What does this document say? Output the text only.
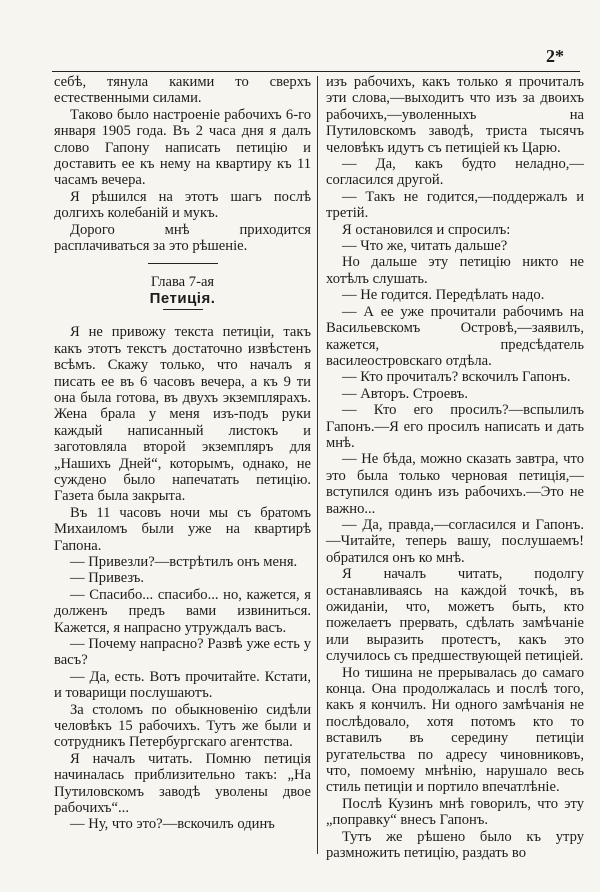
2*

себѣ, тянула какими то сверхъ естественными силами.

Таково было настроеніе рабочихъ 6-го января 1905 года. Въ 2 часа дня я далъ слово Гапону написать петицію и доставить ее къ нему на квартиру къ 11 часамъ вечера.

Я рѣшился на этотъ шагъ послѣ долгихъ колебаній и мукъ.

Дорого мнѣ приходится расплачиваться за это рѣшеніе.

Глава 7-ая

Петиція.

Я не привожу текста петиціи, такъ какъ этотъ текстъ достаточно извѣстенъ всѣмъ. Скажу только, что началъ я писать ее въ 6 часовъ вечера, а къ 9 ти она была готова, въ двухъ экземплярахъ. Жена брала у меня изъ-подъ руки каждый написанный листокъ и заготовляла второй экземпляръ для „Нашихъ Дней“, которымъ, однако, не суждено было напечатать петицію. Газета была закрыта.

Въ 11 часовъ ночи мы съ братомъ Михаиломъ были уже на квартирѣ Гапона.

— Привезли?—встрѣтилъ онъ меня.

— Привезъ.

— Спасибо... спасибо... но, кажется, я долженъ предъ вами извиниться. Кажется, я напрасно утруждалъ васъ.

— Почему напрасно? Развѣ уже есть у васъ?

— Да, есть. Вотъ прочитайте. Кстати, и товарищи послушаютъ.

За столомъ по обыкновенію сидѣли человѣкъ 15 рабочихъ. Тутъ же были и сотрудникъ Петербургскаго агентства.

Я началъ читать. Помню петиція начиналась приблизительно такъ: „На Путиловскомъ заводѣ уволены двое рабочихъ“...

— Ну, что это?—вскочилъ одинъ

изъ рабочихъ, какъ только я прочиталъ эти слова,—выходитъ что изъ за двоихъ рабочихъ,—уволенныхъ на Путиловскомъ заводѣ, триста тысячъ человѣкъ идутъ съ петиціей къ Царю.

— Да, какъ будто неладно,—согласился другой.

— Такъ не годится,—поддержалъ и третій.

Я остановился и спросилъ:

— Что же, читать дальше?

Но дальше эту петицію никто не хотѣлъ слушать.

— Не годится. Передѣлать надо.

— А ее уже прочитали рабочимъ на Васильевскомъ Островѣ,—заявилъ, кажется, предсѣдатель василеостровскаго отдѣла.

— Кто прочиталъ? вскочилъ Гапонъ.

— Авторъ. Строевъ.

— Кто его просилъ?—вспылилъ Гапонъ.—Я его просилъ написать и дать мнѣ.

— Не бѣда, можно сказать завтра, что это была только черновая петиція,—вступился одинъ изъ рабочихъ.—Это не важно...

— Да, правда,—согласился и Гапонъ.—Читайте, теперь вашу, послушаемъ! обратился онъ ко мнѣ.

Я началъ читать, подолгу останавливаясь на каждой точкѣ, въ ожиданіи, что, можетъ быть, кто пожелаетъ прервать, сдѣлать замѣчаніе или выразить протестъ, какъ это случилось съ предшествующей петиціей.

Но тишина не прерывалась до самаго конца. Она продолжалась и послѣ того, какъ я кончилъ. Ни одного замѣчанія не послѣдовало, хотя потомъ кто то вставилъ въ середину петиціи ругательства по адресу чиновниковъ, что, помоему мнѣнію, нарушало весь стиль петиціи и портило впечатлѣніе.

Послѣ Кузинъ мнѣ говорилъ, что эту „поправку“ внесъ Гапонъ.

Тутъ же рѣшено было къ утру размножить петицію, раздать во
